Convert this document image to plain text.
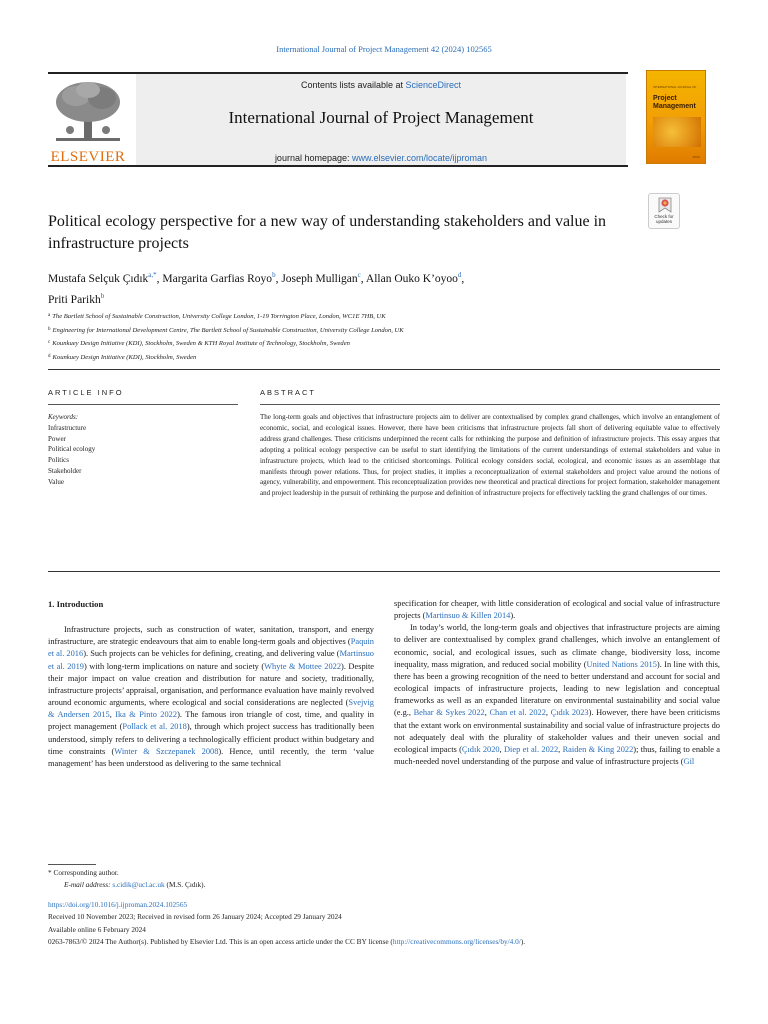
International Journal of Project Management 42 (2024) 102565
ELSEVIER
Contents lists available at ScienceDirect
International Journal of Project Management
journal homepage: www.elsevier.com/locate/ijproman
INTERNATIONAL JOURNAL OF
Project Management
IPMA
Check for updates
Political ecology perspective for a new way of understanding stakeholders and value in infrastructure projects
Mustafa Selçuk Çıdık$^{a,*}$, Margarita Garfias Royo$^b$, Joseph Mulligan$^c$, Allan Ouko K’oyoo$^d$,
Priti Parikh$^b$
$^a$ The Bartlett School of Sustainable Construction, University College London, 1-19 Torrington Place, London, WC1E 7HB, UK
$^b$ Engineering for International Development Centre, The Bartlett School of Sustainable Construction, University College London, UK
$^c$ Kounkuey Design Initiative (KDI), Stockholm, Sweden & KTH Royal Institute of Technology, Stockholm, Sweden
$^d$ Kounkuey Design Initiative (KDI), Stockholm, Sweden
ARTICLE INFO	ABSTRACT
Keywords:
Infrastructure
Power
Political ecology
Politics
Stakeholder
Value
The long-term goals and objectives that infrastructure projects aim to deliver are contextualised by complex grand challenges, which involve an entanglement of economic, social, and ecological issues. However, there have been criticisms that infrastructure projects fall short of delivering equitable value to effectively address grand challenges. These criticisms underpinned the recent calls for rethinking the purpose and definition of infrastructure projects. This essay argues that adopting a political ecology perspective can be useful to start identifying the limitations of the current understandings of external stakeholders and value in infrastructure projects, which lead to the criticised shortcomings. Political ecology considers social, ecological, and economic issues as an assemblage that manifests through power relations. Thus, for project studies, it implies a reconceptualization of external stakeholders and project value around the notions of agency, vulnerability, and empowerment. This reconceptualization provides new theoretical and practical directions for project formation, stakeholder management and project leadership in the pursuit of rethinking the purpose and definition of infrastructure projects for effectively tackling the grand challenges of our times.
1. Introduction

Infrastructure projects, such as construction of water, sanitation, transport, and energy infrastructure, are strategic endeavours that aim to enable long-term goals and objectives (Paquin et al. 2016). Such projects can be vehicles for defining, creating, and delivering value (Martinsuo et al. 2019) with long-term implications on nature and society (Whyte & Mottee 2022). Despite their major impact on value creation and distribution for nature and society, traditionally, infrastructure projects’ appraisal, organisation, and performance evaluation have mainly revolved around economic arguments, where ecological and social considerations are neglected (Svejvig & Andersen 2015, Ika & Pinto 2022). The famous iron triangle of cost, time, and quality in project management (Pollack et al. 2018), through which project success has traditionally been understood, simply refers to delivering a technologically efficient product within budgetary and time constraints (Winter & Szczepanek 2008). Hence, until recently, the term ‘value management’ has been understood as delivering to the same technical

specification for cheaper, with little consideration of ecological and social value of infrastructure projects (Martinsuo & Killen 2014).

In today’s world, the long-term goals and objectives that infrastructure projects are aiming to deliver are contextualised by complex grand challenges, which involve an entanglement of economic, social, and ecological issues, such as climate change, biodiversity loss, income inequality, mass migration, and reduced social mobility (United Nations 2015). In line with this, there has been a growing recognition of the need to better understand and account for social and ecological impacts of infrastructure projects, leading to new legislation and conceptual frameworks as well as an expanded literature on environmental sustainability and social value (e.g., Behar & Sykes 2022, Chan et al. 2022, Çıdık 2023). However, there have been criticisms that the extant work on environmental sustainability and social value of infrastructure projects do not adequately deal with the plurality of stakeholder values and their uneven social and ecological impacts (Çıdık 2020, Diep et al. 2022, Raiden & King 2022); thus, failing to enable a much-needed novel understanding of the purpose and value of infrastructure projects (Gil

* Corresponding author.
E-mail address: s.cidik@ucl.ac.uk (M.S. Çıdık).
https://doi.org/10.1016/j.ijproman.2024.102565
Received 10 November 2023; Received in revised form 26 January 2024; Accepted 29 January 2024
Available online 6 February 2024
0263-7863/© 2024 The Author(s). Published by Elsevier Ltd. This is an open access article under the CC BY license (http://creativecommons.org/licenses/by/4.0/).
